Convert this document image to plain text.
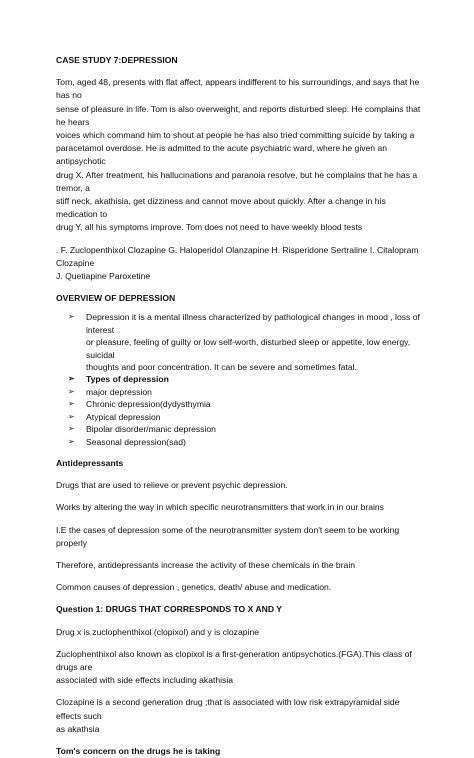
CASE STUDY 7:DEPRESSION

Tom, aged 48, presents with flat affect, appears indifferent to his surroundings, and says that he has no
sense of pleasure in life. Tom is also overweight, and reports disturbed sleep. He complains that he hears
voices which command him to shout at people he has also tried committing suicide by taking a
paracetamol overdose. He is admitted to the acute psychiatric ward, where he given an antipsychotic
drug X. After treatment, his hallucinations and paranoia resolve, but he complains that he has a tremor, a
stiff neck, akathisia, get dizziness and cannot move about quickly. After a change in his medication to
drug Y, all his symptoms improve. Tom does not need to have weekly blood tests

. F. Zuclopenthixol Clozapine G. Haloperidol Olanzapine H. Risperidone Sertraline I. Citalopram Clozapine
J. Quetiapine Paroxetine

OVERVIEW OF DEPRESSION

➢ Depression it is a mental illness characterized by pathological changes in mood , loss of interest
or pleasure, feeling of guilty or low self-worth, disturbed sleep or appetite, low energy, suicidal
thoughts and poor concentration. It can be severe and sometimes fatal.
➢ Types of depression
➢ major depression
➢ Chronic depression(dydysthymia
➢ Atypical depression
➢ Bipolar disorder/manic depression
➢ Seasonal depression(sad)

Antidepressants

Drugs that are used to relieve or prevent psychic depression.

Works by altering the way in which specific neurotransmitters that work in in our brains

I.E the cases of depression some of the neurotransmitter system don't seem to be working properly

Therefore, antidepressants increase the activity of these chemicals in the brain

Common causes of depression , genetics, death/ abuse and medication.

Question 1: DRUGS THAT CORRESPONDS TO X AND Y

Drug x is zuclophenthixol (clopixol) and y is clozapine

Zuclophenthixol also known as clopixol is a first-generation antipsychotics.(FGA).This class of drugs are
associated with side effects including akathisia

Clozapine is a second generation drug ;that is associated with low risk extrapyramidal side effects such
as akathsia

Tom's concern on the drugs he is taking
